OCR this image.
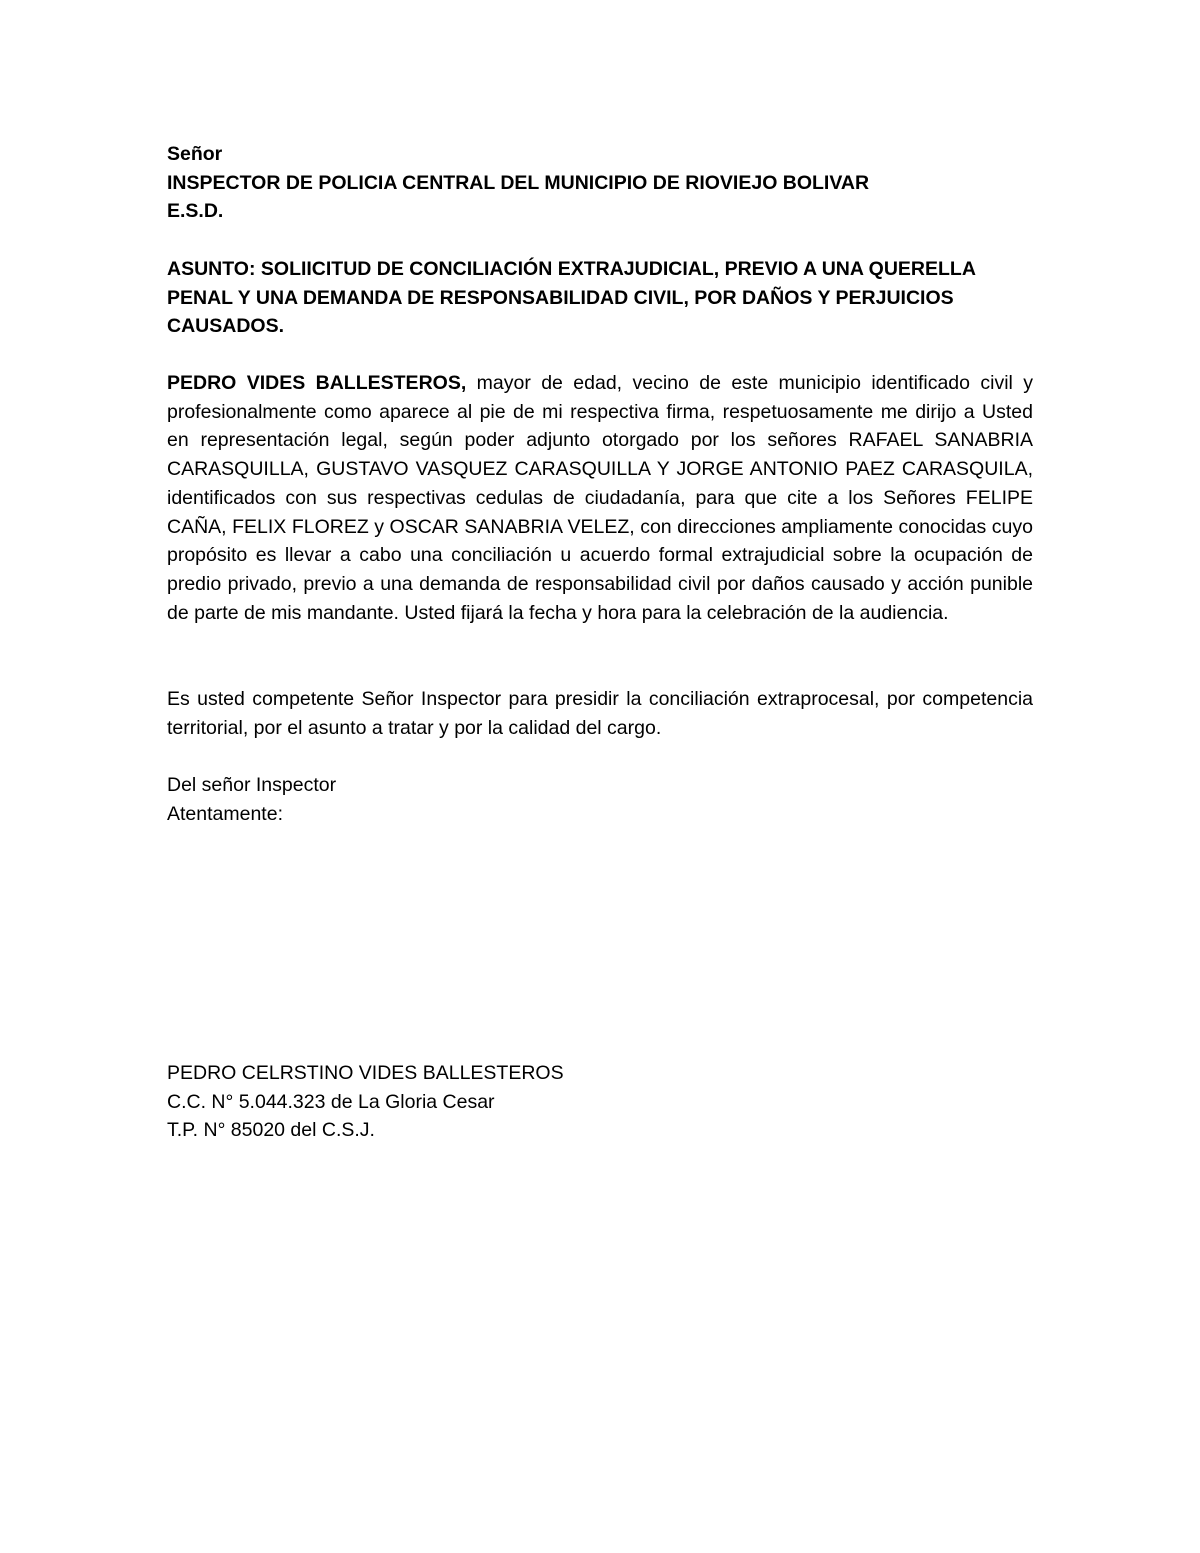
Señor
INSPECTOR DE POLICIA CENTRAL DEL MUNICIPIO DE RIOVIEJO BOLIVAR
E.S.D.
ASUNTO: SOLIICITUD DE CONCILIACIÓN EXTRAJUDICIAL, PREVIO A UNA QUERELLA
PENAL Y UNA DEMANDA DE RESPONSABILIDAD CIVIL, POR DAÑOS Y PERJUICIOS
CAUSADOS.
PEDRO VIDES BALLESTEROS, mayor de edad, vecino de este municipio identificado civil y profesionalmente como aparece al pie de mi respectiva firma, respetuosamente me dirijo a Usted en representación legal, según poder adjunto otorgado por los señores RAFAEL SANABRIA CARASQUILLA, GUSTAVO VASQUEZ CARASQUILLA Y JORGE ANTONIO PAEZ CARASQUILA, identificados con sus respectivas cedulas de ciudadanía, para que cite a los Señores FELIPE CAÑA, FELIX FLOREZ y OSCAR SANABRIA VELEZ, con direcciones ampliamente conocidas cuyo propósito es llevar a cabo una conciliación u acuerdo formal extrajudicial sobre la ocupación de predio privado, previo a una demanda de responsabilidad civil por daños causado y acción punible de parte de mis mandante. Usted fijará la fecha y hora para la celebración de la audiencia.
Es usted competente Señor Inspector para presidir la conciliación extraprocesal, por competencia territorial, por el asunto a tratar y por la calidad del cargo.
Del señor Inspector
Atentamente:
PEDRO CELRSTINO VIDES BALLESTEROS
C.C. N° 5.044.323 de La Gloria Cesar
T.P. N° 85020 del C.S.J.
